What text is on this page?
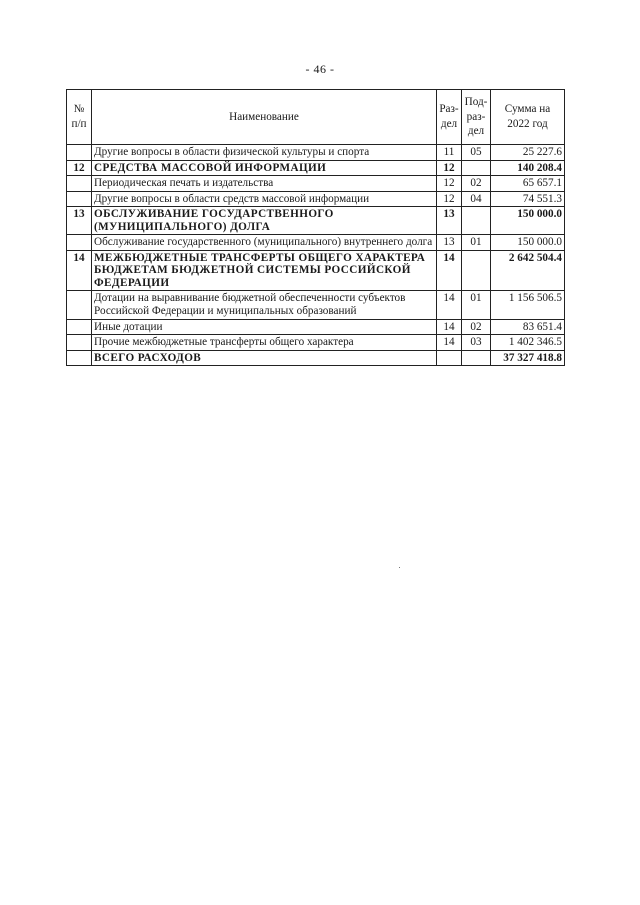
- 46 -
№ п/п	Наименование	Раз-дел	Под-раз-дел	Сумма на 2022 год
	Другие вопросы в области физической культуры и спорта	11	05	25 227.6
12	СРЕДСТВА МАССОВОЙ ИНФОРМАЦИИ	12		140 208.4
	Периодическая печать и издательства	12	02	65 657.1
	Другие вопросы в области средств массовой информации	12	04	74 551.3
13	ОБСЛУЖИВАНИЕ ГОСУДАРСТВЕННОГО (МУНИЦИПАЛЬНОГО) ДОЛГА	13		150 000.0
	Обслуживание государственного (муниципального) внутреннего долга	13	01	150 000.0
14	МЕЖБЮДЖЕТНЫЕ ТРАНСФЕРТЫ ОБЩЕГО ХАРАКТЕРА БЮДЖЕТАМ БЮДЖЕТНОЙ СИСТЕМЫ РОССИЙСКОЙ ФЕДЕРАЦИИ	14		2 642 504.4
	Дотации на выравнивание бюджетной обеспеченности субъектов Российской Федерации и муниципальных образований	14	01	1 156 506.5
	Иные дотации	14	02	83 651.4
	Прочие межбюджетные трансферты общего характера	14	03	1 402 346.5
	ВСЕГО РАСХОДОВ			37 327 418.8
